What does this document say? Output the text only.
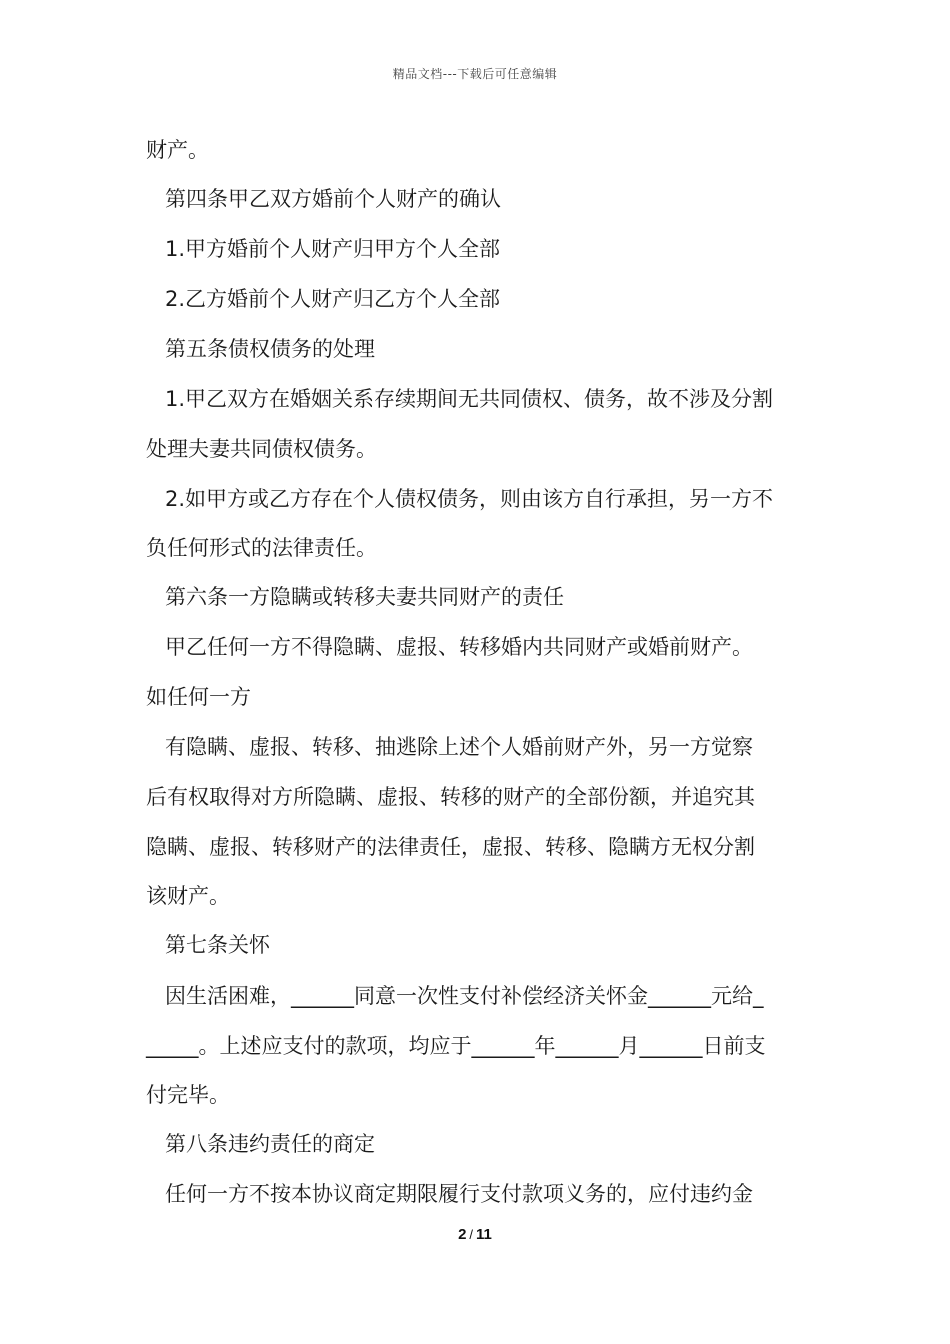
精品文档---下载后可任意编辑
财产。
第四条甲乙双方婚前个人财产的确认
1.甲方婚前个人财产归甲方个人全部
2.乙方婚前个人财产归乙方个人全部
第五条债权债务的处理
1.甲乙双方在婚姻关系存续期间无共同债权、债务，故不涉及分割
处理夫妻共同债权债务。
2.如甲方或乙方存在个人债权债务，则由该方自行承担，另一方不
负任何形式的法律责任。
第六条一方隐瞒或转移夫妻共同财产的责任
甲乙任何一方不得隐瞒、虚报、转移婚内共同财产或婚前财产。
如任何一方
有隐瞒、虚报、转移、抽逃除上述个人婚前财产外，另一方觉察
后有权取得对方所隐瞒、虚报、转移的财产的全部份额，并追究其
隐瞒、虚报、转移财产的法律责任，虚报、转移、隐瞒方无权分割
该财产。
第七条关怀
因生活困难，______同意一次性支付补偿经济关怀金______元给_
_____。上述应支付的款项，均应于______年______月______日前支
付完毕。
第八条违约责任的商定
任何一方不按本协议商定期限履行支付款项义务的，应付违约金
2 / 11
